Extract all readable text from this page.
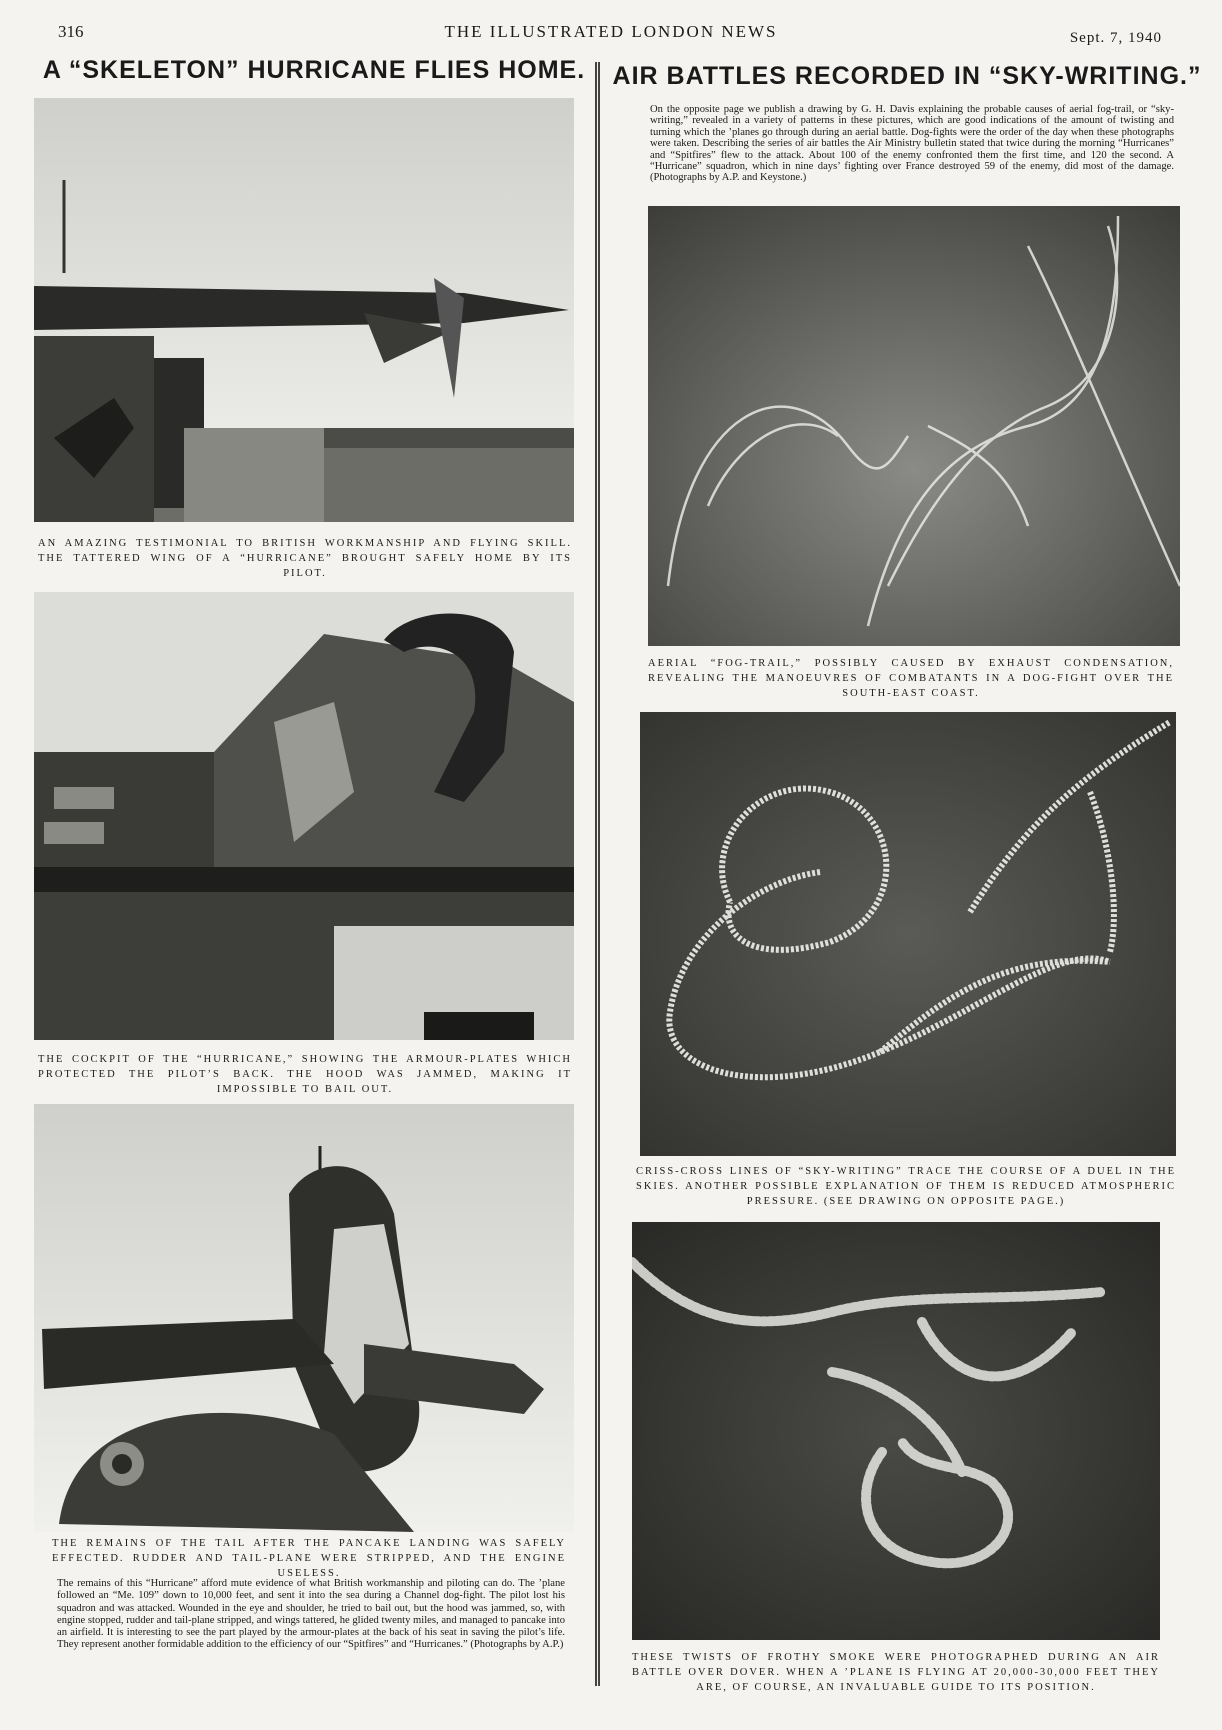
316	THE ILLUSTRATED LONDON NEWS	Sept. 7, 1940
A “SKELETON” HURRICANE FLIES HOME.
AN AMAZING TESTIMONIAL TO BRITISH WORKMANSHIP AND FLYING SKILL. THE TATTERED WING OF A “HURRICANE” BROUGHT SAFELY HOME BY ITS PILOT.
THE COCKPIT OF THE “HURRICANE,” SHOWING THE ARMOUR-PLATES WHICH PROTECTED THE PILOT’S BACK. THE HOOD WAS JAMMED, MAKING IT IMPOSSIBLE TO BAIL OUT.
THE REMAINS OF THE TAIL AFTER THE PANCAKE LANDING WAS SAFELY EFFECTED. RUDDER AND TAIL-PLANE WERE STRIPPED, AND THE ENGINE USELESS.
The remains of this “Hurricane” afford mute evidence of what British workmanship and piloting can do. The ’plane followed an “Me. 109” down to 10,000 feet, and sent it into the sea during a Channel dog-fight. The pilot lost his squadron and was attacked. Wounded in the eye and shoulder, he tried to bail out, but the hood was jammed, so, with engine stopped, rudder and tail-plane stripped, and wings tattered, he glided twenty miles, and managed to pancake into an airfield. It is interesting to see the part played by the armour-plates at the back of his seat in saving the pilot’s life. They represent another formidable addition to the efficiency of our “Spitfires” and “Hurricanes.” (Photographs by A.P.)
AIR BATTLES RECORDED IN “SKY-WRITING.”
On the opposite page we publish a drawing by G. H. Davis explaining the probable causes of aerial fog-trail, or “sky-writing,” revealed in a variety of patterns in these pictures, which are good indications of the amount of twisting and turning which the ’planes go through during an aerial battle. Dog-fights were the order of the day when these photographs were taken. Describing the series of air battles the Air Ministry bulletin stated that twice during the morning “Hurricanes” and “Spitfires” flew to the attack. About 100 of the enemy confronted them the first time, and 120 the second. A “Hurricane” squadron, which in nine days’ fighting over France destroyed 59 of the enemy, did most of the damage. (Photographs by A.P. and Keystone.)
AERIAL “FOG-TRAIL,” POSSIBLY CAUSED BY EXHAUST CONDENSATION, REVEALING THE MANOEUVRES OF COMBATANTS IN A DOG-FIGHT OVER THE SOUTH-EAST COAST.
CRISS-CROSS LINES OF “SKY-WRITING” TRACE THE COURSE OF A DUEL IN THE SKIES. ANOTHER POSSIBLE EXPLANATION OF THEM IS REDUCED ATMOSPHERIC PRESSURE. (SEE DRAWING ON OPPOSITE PAGE.)
THESE TWISTS OF FROTHY SMOKE WERE PHOTOGRAPHED DURING AN AIR BATTLE OVER DOVER. WHEN A ’PLANE IS FLYING AT 20,000-30,000 FEET THEY ARE, OF COURSE, AN INVALUABLE GUIDE TO ITS POSITION.
